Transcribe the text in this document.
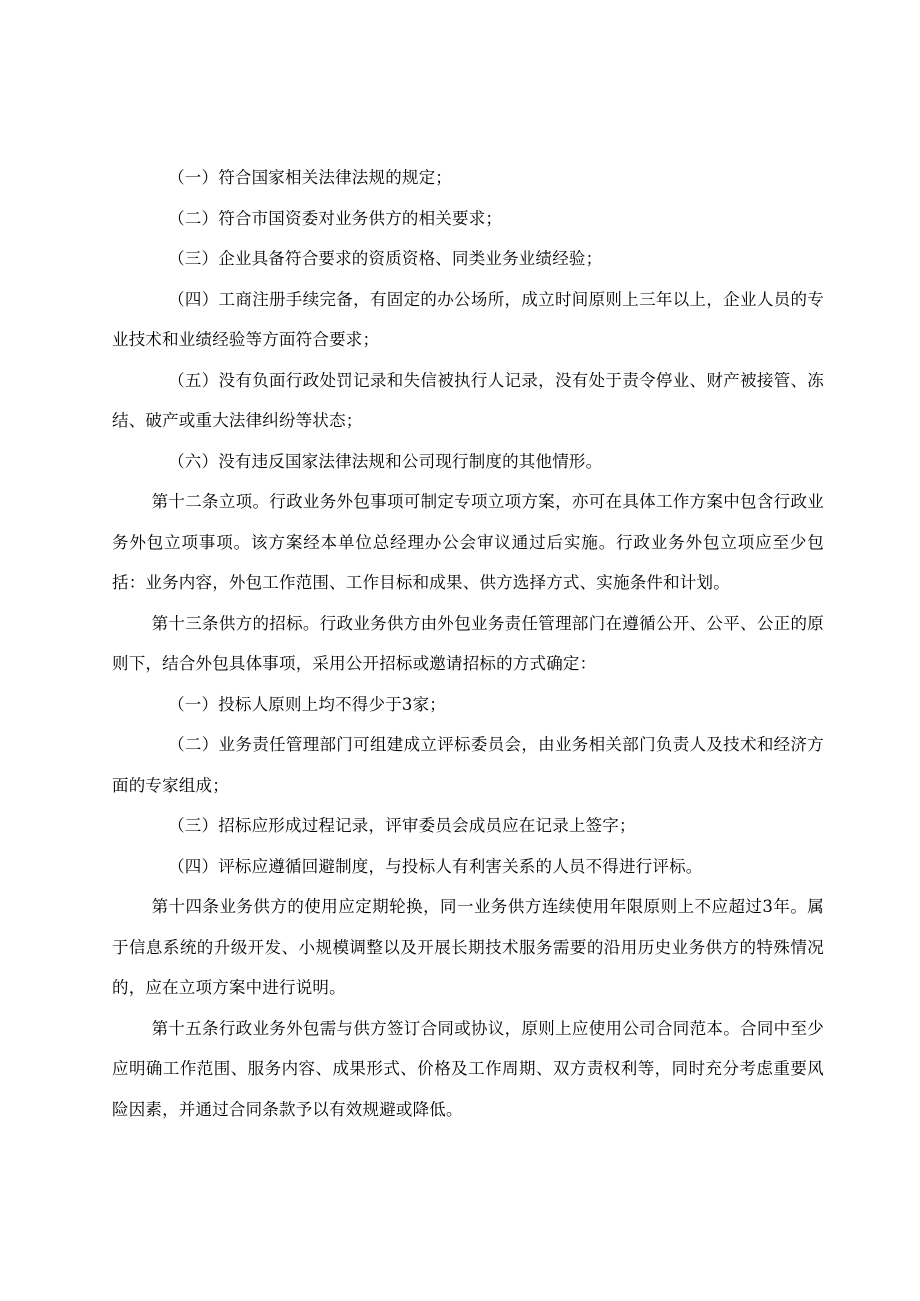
（一）符合国家相关法律法规的规定；

（二）符合市国资委对业务供方的相关要求；

（三）企业具备符合要求的资质资格、同类业务业绩经验；

（四）工商注册手续完备，有固定的办公场所，成立时间原则上三年以上，企业人员的专业技术和业绩经验等方面符合要求；

（五）没有负面行政处罚记录和失信被执行人记录，没有处于责令停业、财产被接管、冻结、破产或重大法律纠纷等状态；

（六）没有违反国家法律法规和公司现行制度的其他情形。

第十二条立项。行政业务外包事项可制定专项立项方案，亦可在具体工作方案中包含行政业务外包立项事项。该方案经本单位总经理办公会审议通过后实施。行政业务外包立项应至少包括：业务内容，外包工作范围、工作目标和成果、供方选择方式、实施条件和计划。

第十三条供方的招标。行政业务供方由外包业务责任管理部门在遵循公开、公平、公正的原则下，结合外包具体事项，采用公开招标或邀请招标的方式确定：

（一）投标人原则上均不得少于3家；

（二）业务责任管理部门可组建成立评标委员会，由业务相关部门负责人及技术和经济方面的专家组成；

（三）招标应形成过程记录，评审委员会成员应在记录上签字；

（四）评标应遵循回避制度，与投标人有利害关系的人员不得进行评标。

第十四条业务供方的使用应定期轮换，同一业务供方连续使用年限原则上不应超过3年。属于信息系统的升级开发、小规模调整以及开展长期技术服务需要的沿用历史业务供方的特殊情况的，应在立项方案中进行说明。

第十五条行政业务外包需与供方签订合同或协议，原则上应使用公司合同范本。合同中至少应明确工作范围、服务内容、成果形式、价格及工作周期、双方责权利等，同时充分考虑重要风险因素，并通过合同条款予以有效规避或降低。
